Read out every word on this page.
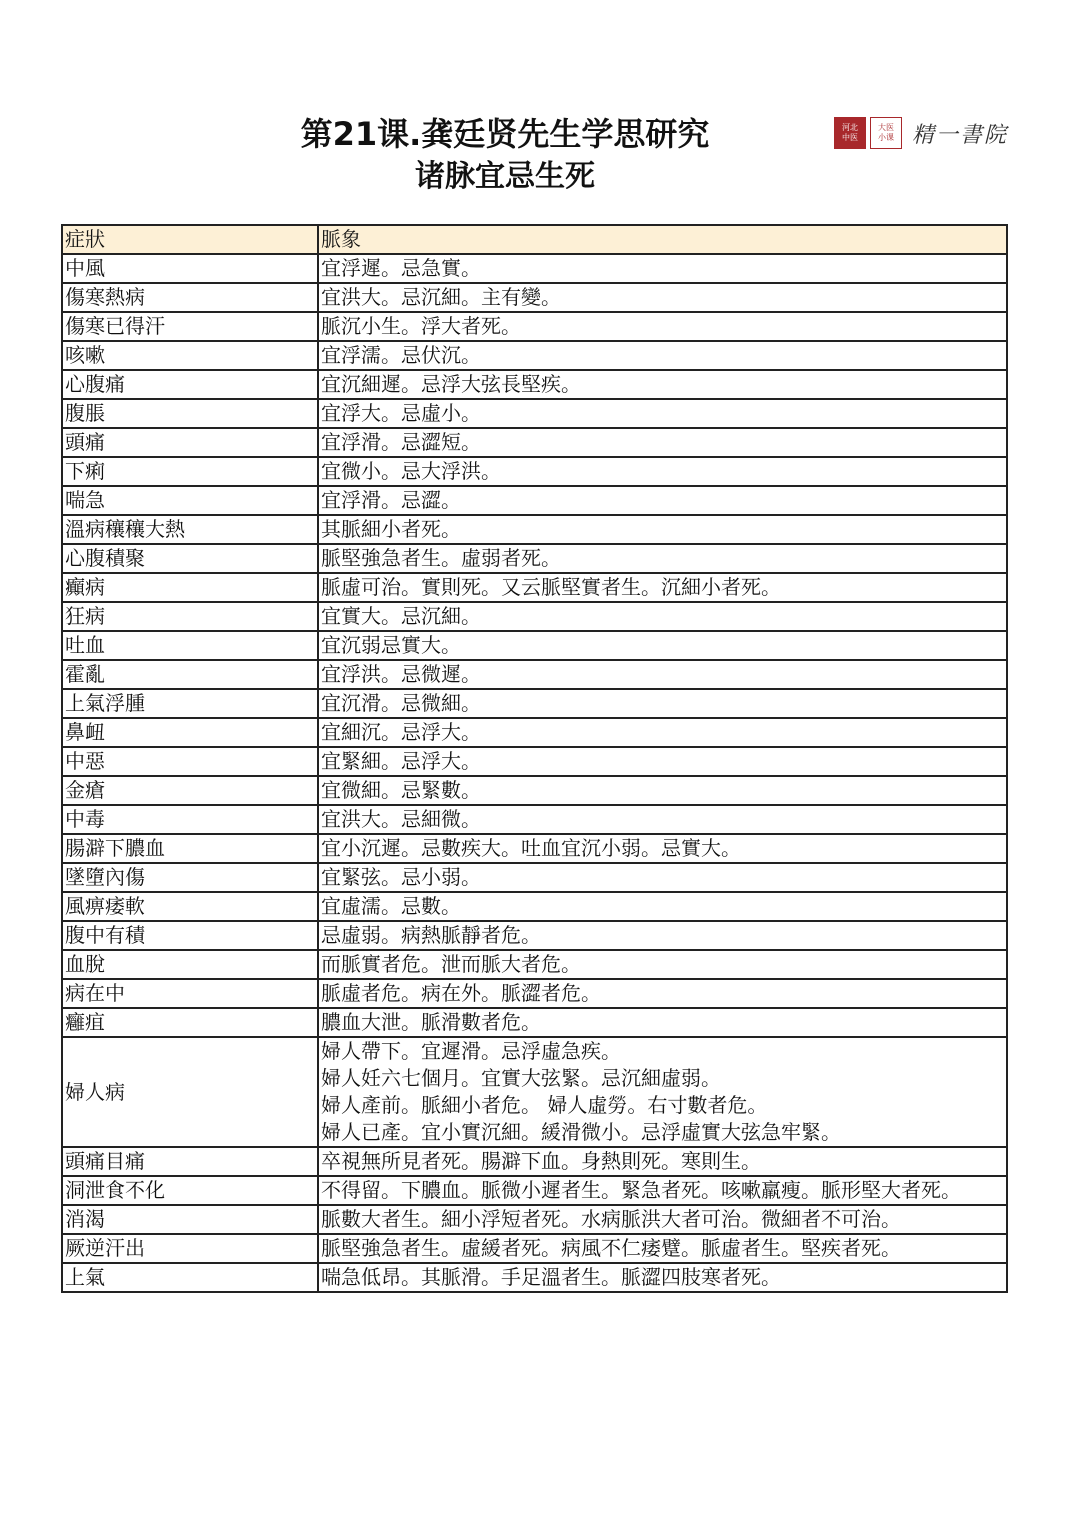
第21课.龚廷贤先生学思研究
诸脉宜忌生死
河北
中医
大医
小课 精一書院
症狀	脈象
中風	宜浮遲。忌急實。

傷寒熱病	宜洪大。忌沉細。主有變。

傷寒已得汗	脈沉小生。浮大者死。

咳嗽	宜浮濡。忌伏沉。

心腹痛	宜沉細遲。忌浮大弦長堅疾。

腹脹	宜浮大。忌虛小。

頭痛	宜浮滑。忌澀短。

下痢	宜微小。忌大浮洪。

喘急	宜浮滑。忌澀。

溫病穰穰大熱	其脈細小者死。

心腹積聚	脈堅強急者生。虛弱者死。

癲病	脈虛可治。實則死。又云脈堅實者生。沉細小者死。

狂病	宜實大。忌沉細。

吐血	宜沉弱忌實大。

霍亂	宜浮洪。忌微遲。

上氣浮腫	宜沉滑。忌微細。

鼻衄	宜細沉。忌浮大。

中惡	宜緊細。忌浮大。

金瘡	宜微細。忌緊數。

中毒	宜洪大。忌細微。

腸澼下膿血	宜小沉遲。忌數疾大。吐血宜沉小弱。忌實大。

墜墮內傷	宜緊弦。忌小弱。

風痹痿軟	宜虛濡。忌數。

腹中有積	忌虛弱。病熱脈靜者危。

血脫	而脈實者危。泄而脈大者危。

病在中	脈虛者危。病在外。脈澀者危。

癰疽	膿血大泄。脈滑數者危。

婦人病	婦人帶下。宜遲滑。忌浮虛急疾。
婦人妊六七個月。宜實大弦緊。忌沉細虛弱。
婦人產前。脈細小者危。 婦人虛勞。右寸數者危。
婦人已產。宜小實沉細。緩滑微小。忌浮虛實大弦急牢緊。

頭痛目痛	卒視無所見者死。腸澼下血。身熱則死。寒則生。

洞泄食不化	不得留。下膿血。脈微小遲者生。緊急者死。咳嗽羸瘦。脈形堅大者死。

消渴	脈數大者生。細小浮短者死。水病脈洪大者可治。微細者不可治。

厥逆汗出	脈堅強急者生。虛緩者死。病風不仁痿躄。脈虛者生。堅疾者死。

上氣	喘急低昂。其脈滑。手足溫者生。脈澀四肢寒者死。
